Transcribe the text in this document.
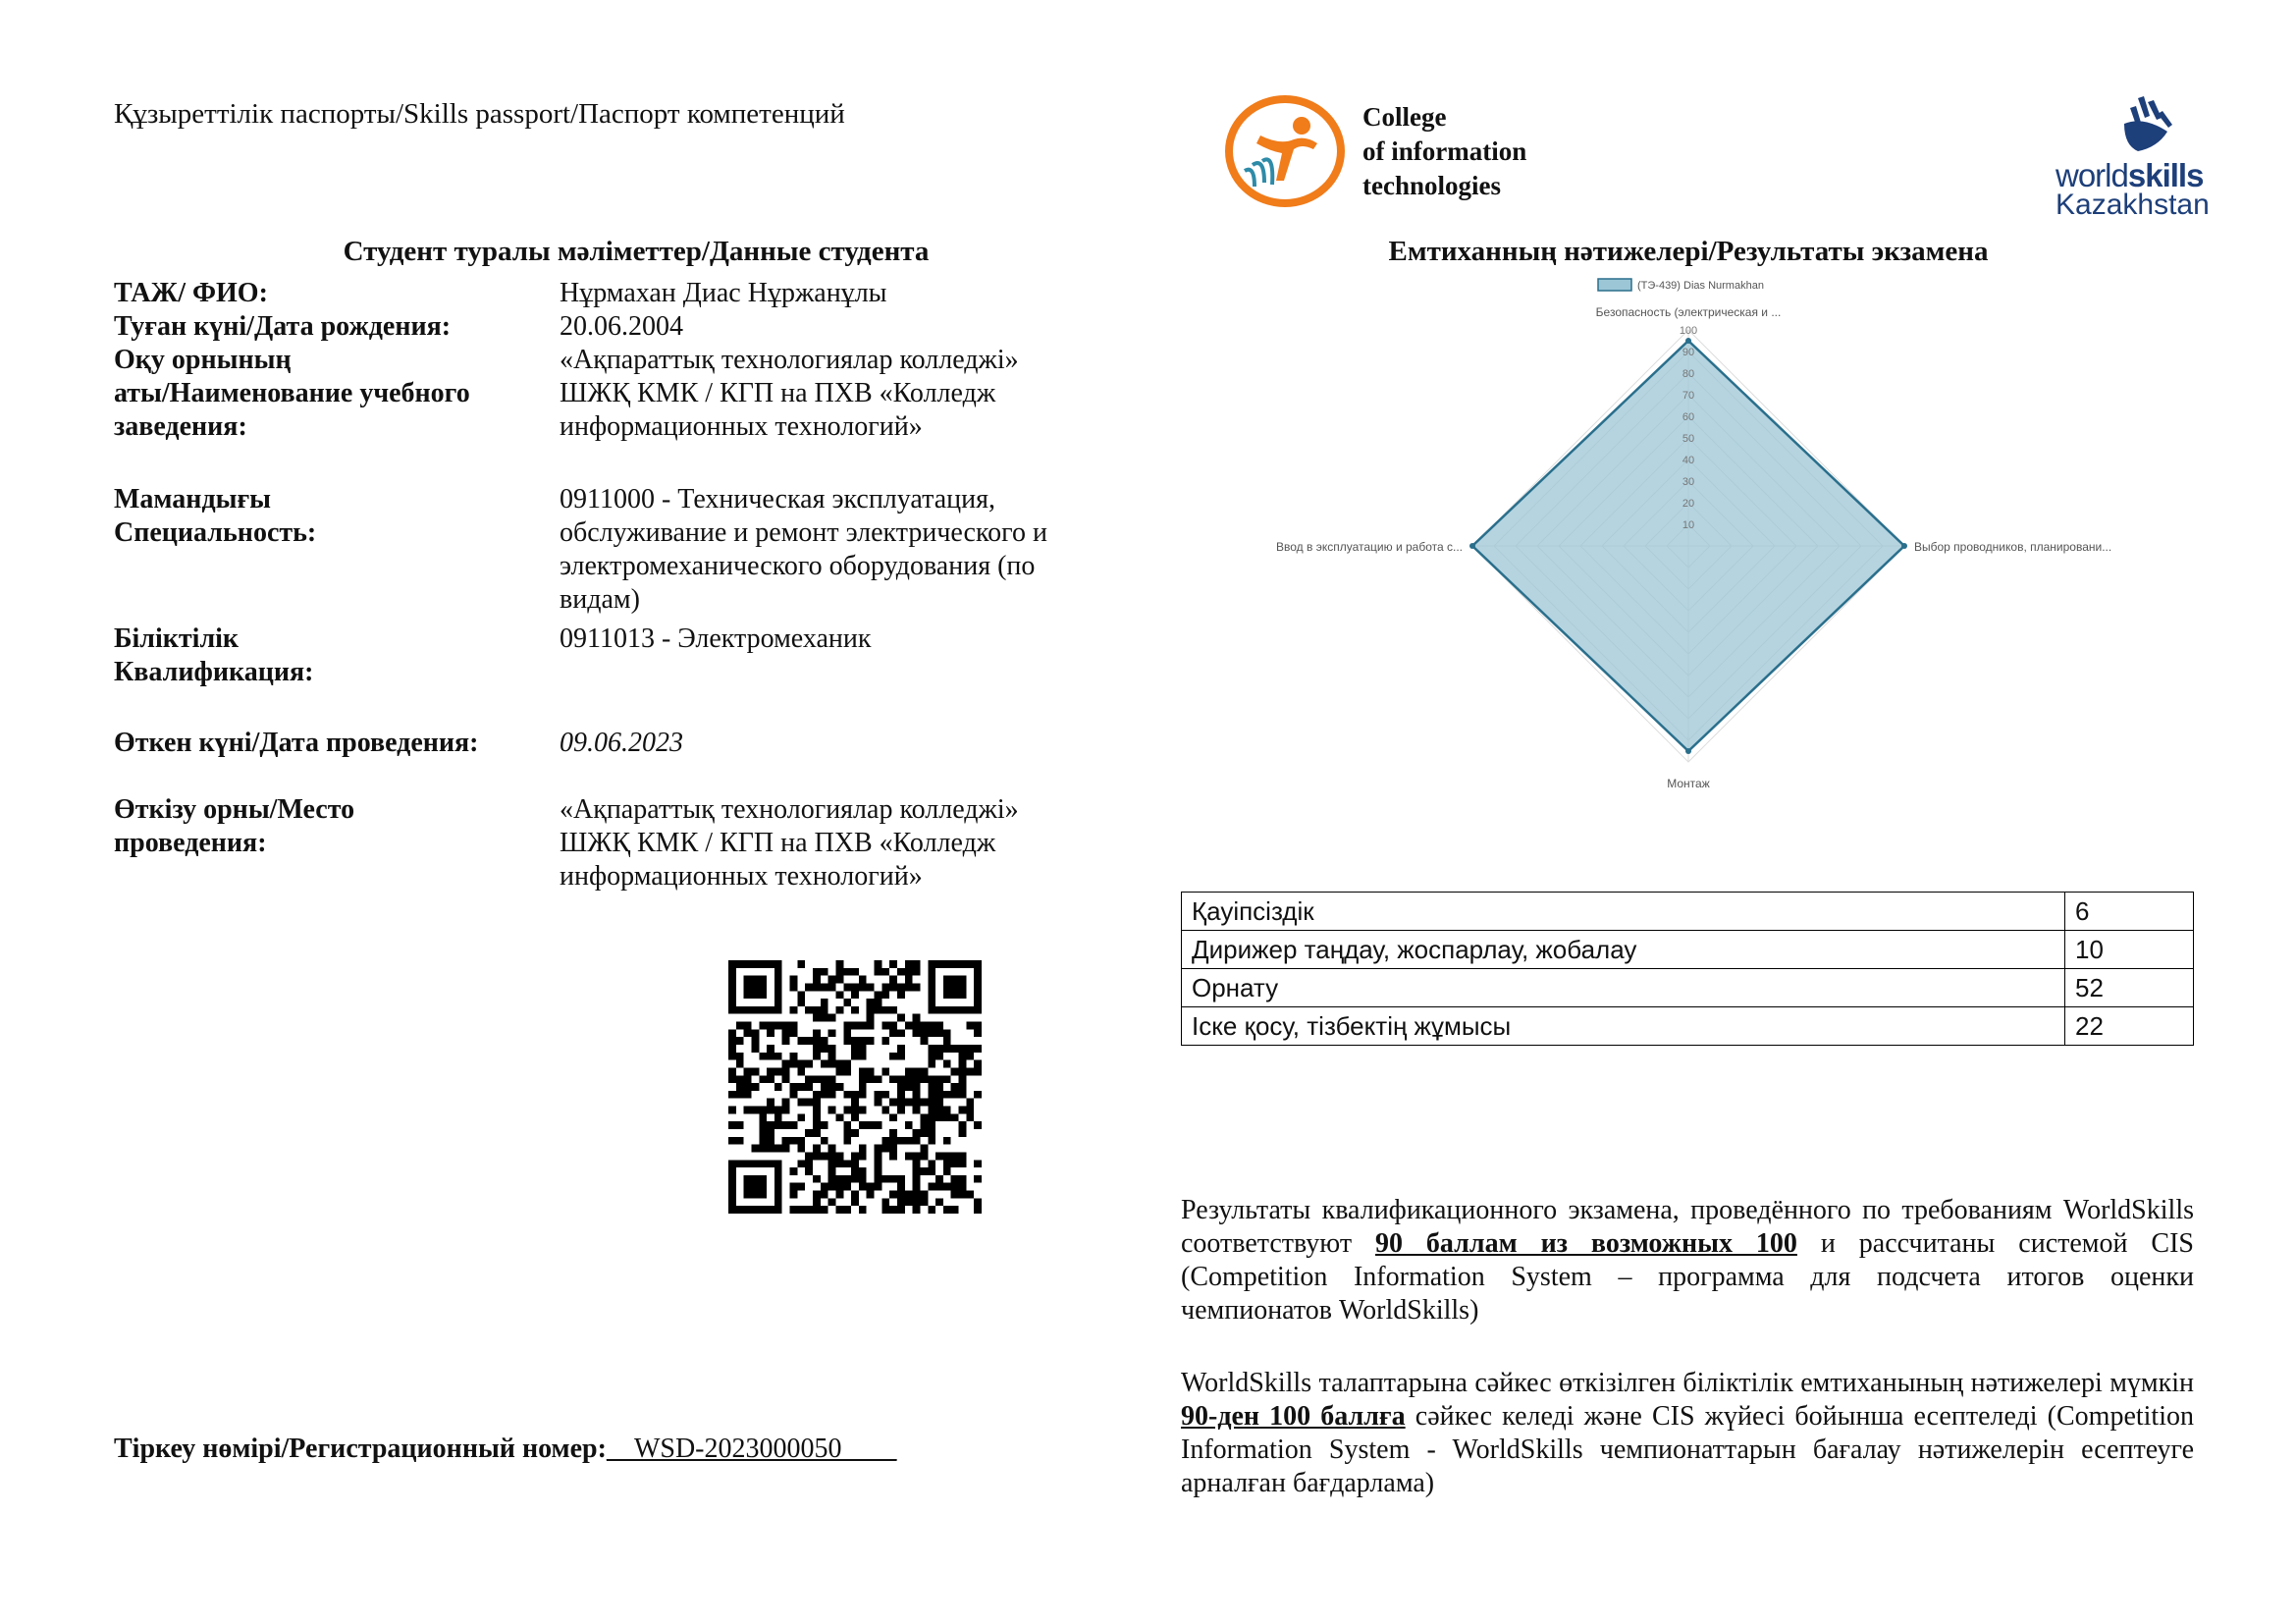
Құзыреттілік паспорты/Skills passport/Паспорт компетенций	College
of information
technologies	worldskills
Kazakhstan
Студент туралы мәліметтер/Данные студента
ТАЖ/ ФИО:	Нұрмахан Диас Нұржанұлы
Туған күні/Дата рождения:	20.06.2004
Оқу орнының
аты/Наименование учебного
заведения:
«Ақпараттық технологиялар колледжі»
ШЖҚ КМК / КГП на ПХВ «Колледж
информационных технологий»
Мамандығы
Специальность:
0911000 - Техническая эксплуатация,
обслуживание и ремонт электрического и
электромеханического оборудования (по
видам)
Біліктілік
Квалификация:
0911013 - Электромеханик
Өткен күні/Дата проведения:	09.06.2023
Өткізу орны/Место
проведения:
«Ақпараттық технологиялар колледжі»
ШЖҚ КМК / КГП на ПХВ «Колледж
информационных технологий»
Тіркеу нөмірі/Регистрационный номер:__WSD-2023000050____
Емтиханның нәтижелері/Результаты экзамена
10
20
30
40
50
60
70
80
90
100
Безопасность (электрическая и ...
Выбор проводников, планировани...
Монтаж
Ввод в эксплуатацию и работа с...
(ТЭ-439) Dias Nurmakhan
Қауіпсіздік	6
Дирижер таңдау, жоспарлау, жобалау	10
Орнату	52
Іске қосу, тізбектің жұмысы	22
Результаты квалификационного экзамена, проведённого по требованиям WorldSkills соответствуют 90 баллам из возможных 100 и рассчитаны системой CIS (Competition Information System – программа для подсчета итогов оценки чемпионатов WorldSkills)
WorldSkills талаптарына сәйкес өткізілген біліктілік емтиханының нәтижелері мүмкін 90-ден 100 баллға сәйкес келеді және CIS жүйесі бойынша есептеледі (Competition Information System - WorldSkills чемпионаттарын бағалау нәтижелерін есептеуге арналған бағдарлама)
